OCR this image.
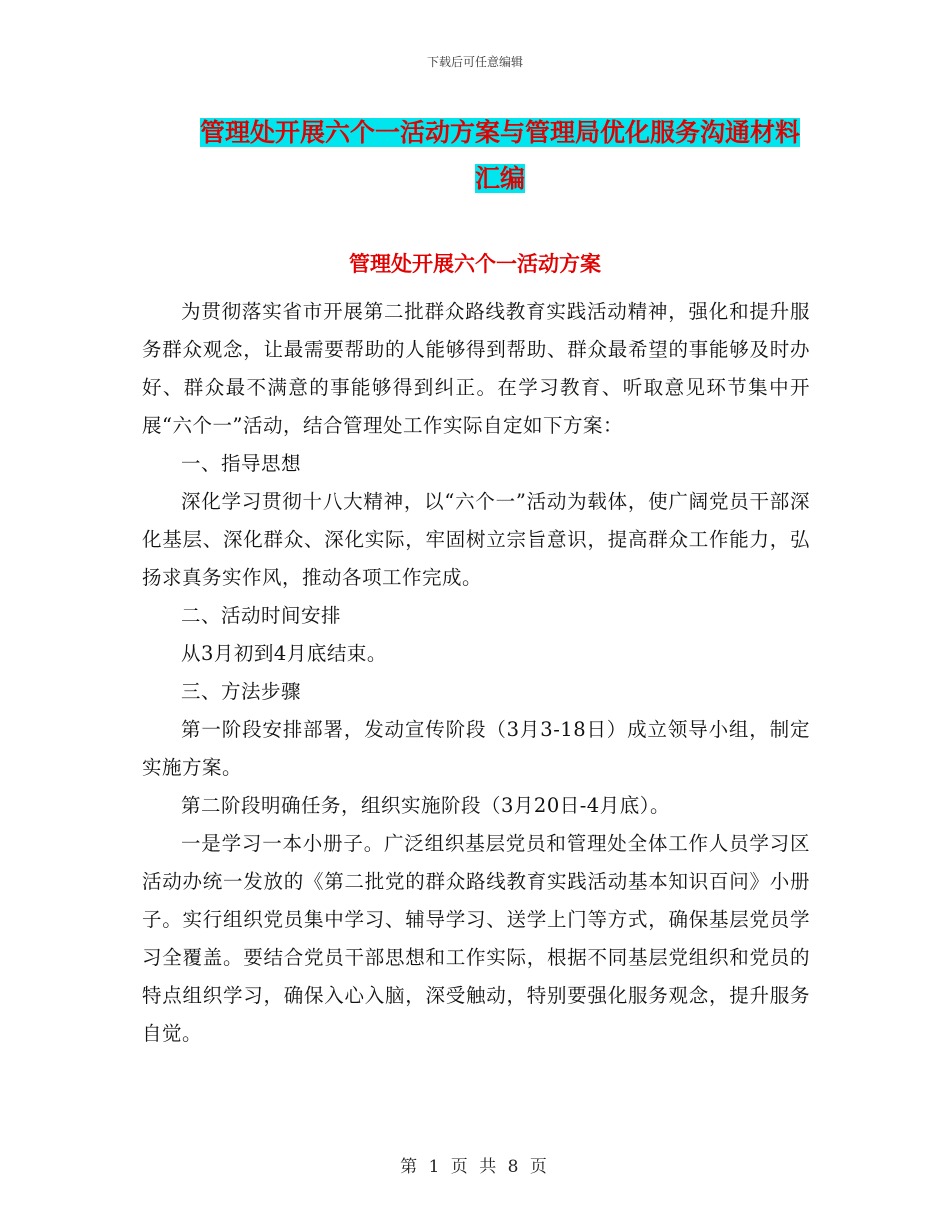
下载后可任意编辑
管理处开展六个一活动方案与管理局优化服务沟通材料汇编
管理处开展六个一活动方案

为贯彻落实省市开展第二批群众路线教育实践活动精神，强化和提升服务群众观念，让最需要帮助的人能够得到帮助、群众最希望的事能够及时办好、群众最不满意的事能够得到纠正。在学习教育、听取意见环节集中开展“六个一”活动，结合管理处工作实际自定如下方案：

一、指导思想

深化学习贯彻十八大精神，以“六个一”活动为载体，使广阔党员干部深化基层、深化群众、深化实际，牢固树立宗旨意识，提高群众工作能力，弘扬求真务实作风，推动各项工作完成。

二、活动时间安排

从3月初到4月底结束。

三、方法步骤

第一阶段安排部署，发动宣传阶段（3月3-18日）成立领导小组，制定实施方案。

第二阶段明确任务，组织实施阶段（3月20日-4月底）。

一是学习一本小册子。广泛组织基层党员和管理处全体工作人员学习区活动办统一发放的《第二批党的群众路线教育实践活动基本知识百问》小册子。实行组织党员集中学习、辅导学习、送学上门等方式，确保基层党员学习全覆盖。要结合党员干部思想和工作实际，根据不同基层党组织和党员的特点组织学习，确保入心入脑，深受触动，特别要强化服务观念，提升服务自觉。

第 1 页 共 8 页
